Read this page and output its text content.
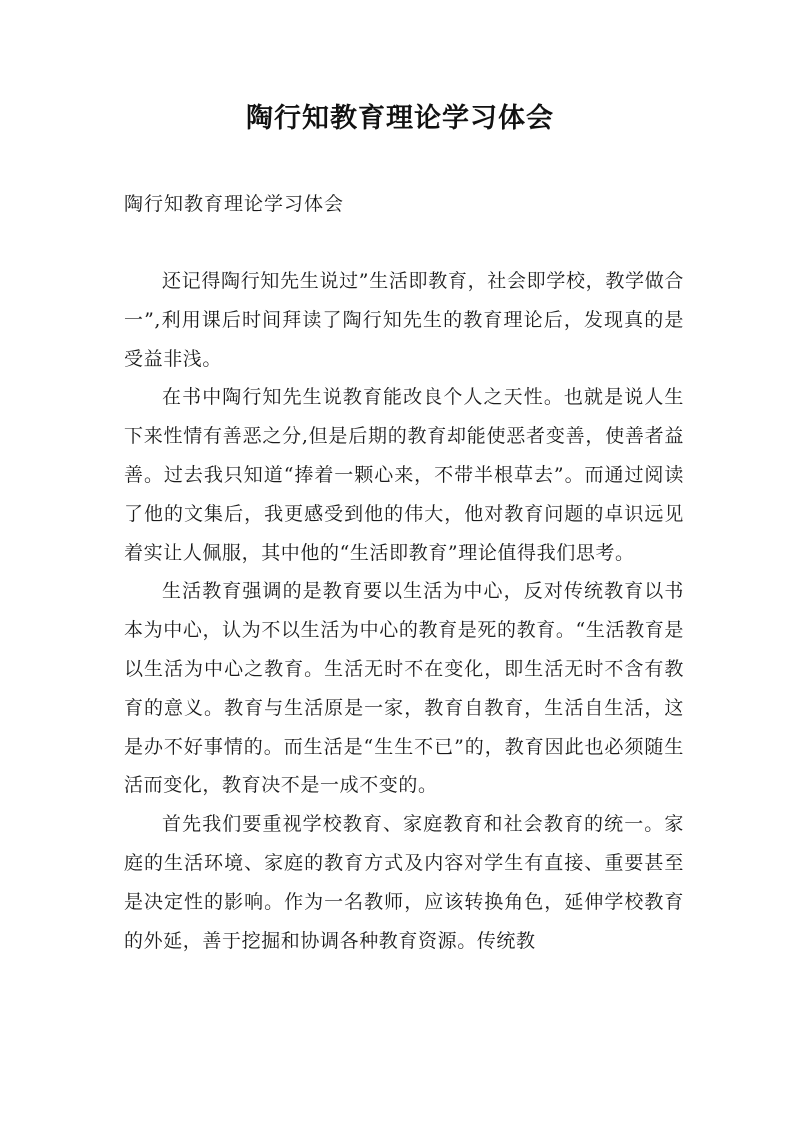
陶行知教育理论学习体会
陶行知教育理论学习体会

还记得陶行知先生说过”生活即教育，社会即学校，教学做合一”,利用课后时间拜读了陶行知先生的教育理论后，发现真的是受益非浅。

在书中陶行知先生说教育能改良个人之天性。也就是说人生下来性情有善恶之分,但是后期的教育却能使恶者变善，使善者益善。过去我只知道“捧着一颗心来，不带半根草去”。而通过阅读了他的文集后，我更感受到他的伟大，他对教育问题的卓识远见着实让人佩服，其中他的“生活即教育”理论值得我们思考。

生活教育强调的是教育要以生活为中心，反对传统教育以书本为中心，认为不以生活为中心的教育是死的教育。“生活教育是以生活为中心之教育。生活无时不在变化，即生活无时不含有教育的意义。教育与生活原是一家，教育自教育，生活自生活，这是办不好事情的。而生活是“生生不已”的，教育因此也必须随生活而变化，教育决不是一成不变的。

首先我们要重视学校教育、家庭教育和社会教育的统一。家庭的生活环境、家庭的教育方式及内容对学生有直接、重要甚至是决定性的影响。作为一名教师，应该转换角色，延伸学校教育的外延，善于挖掘和协调各种教育资源。传统教
